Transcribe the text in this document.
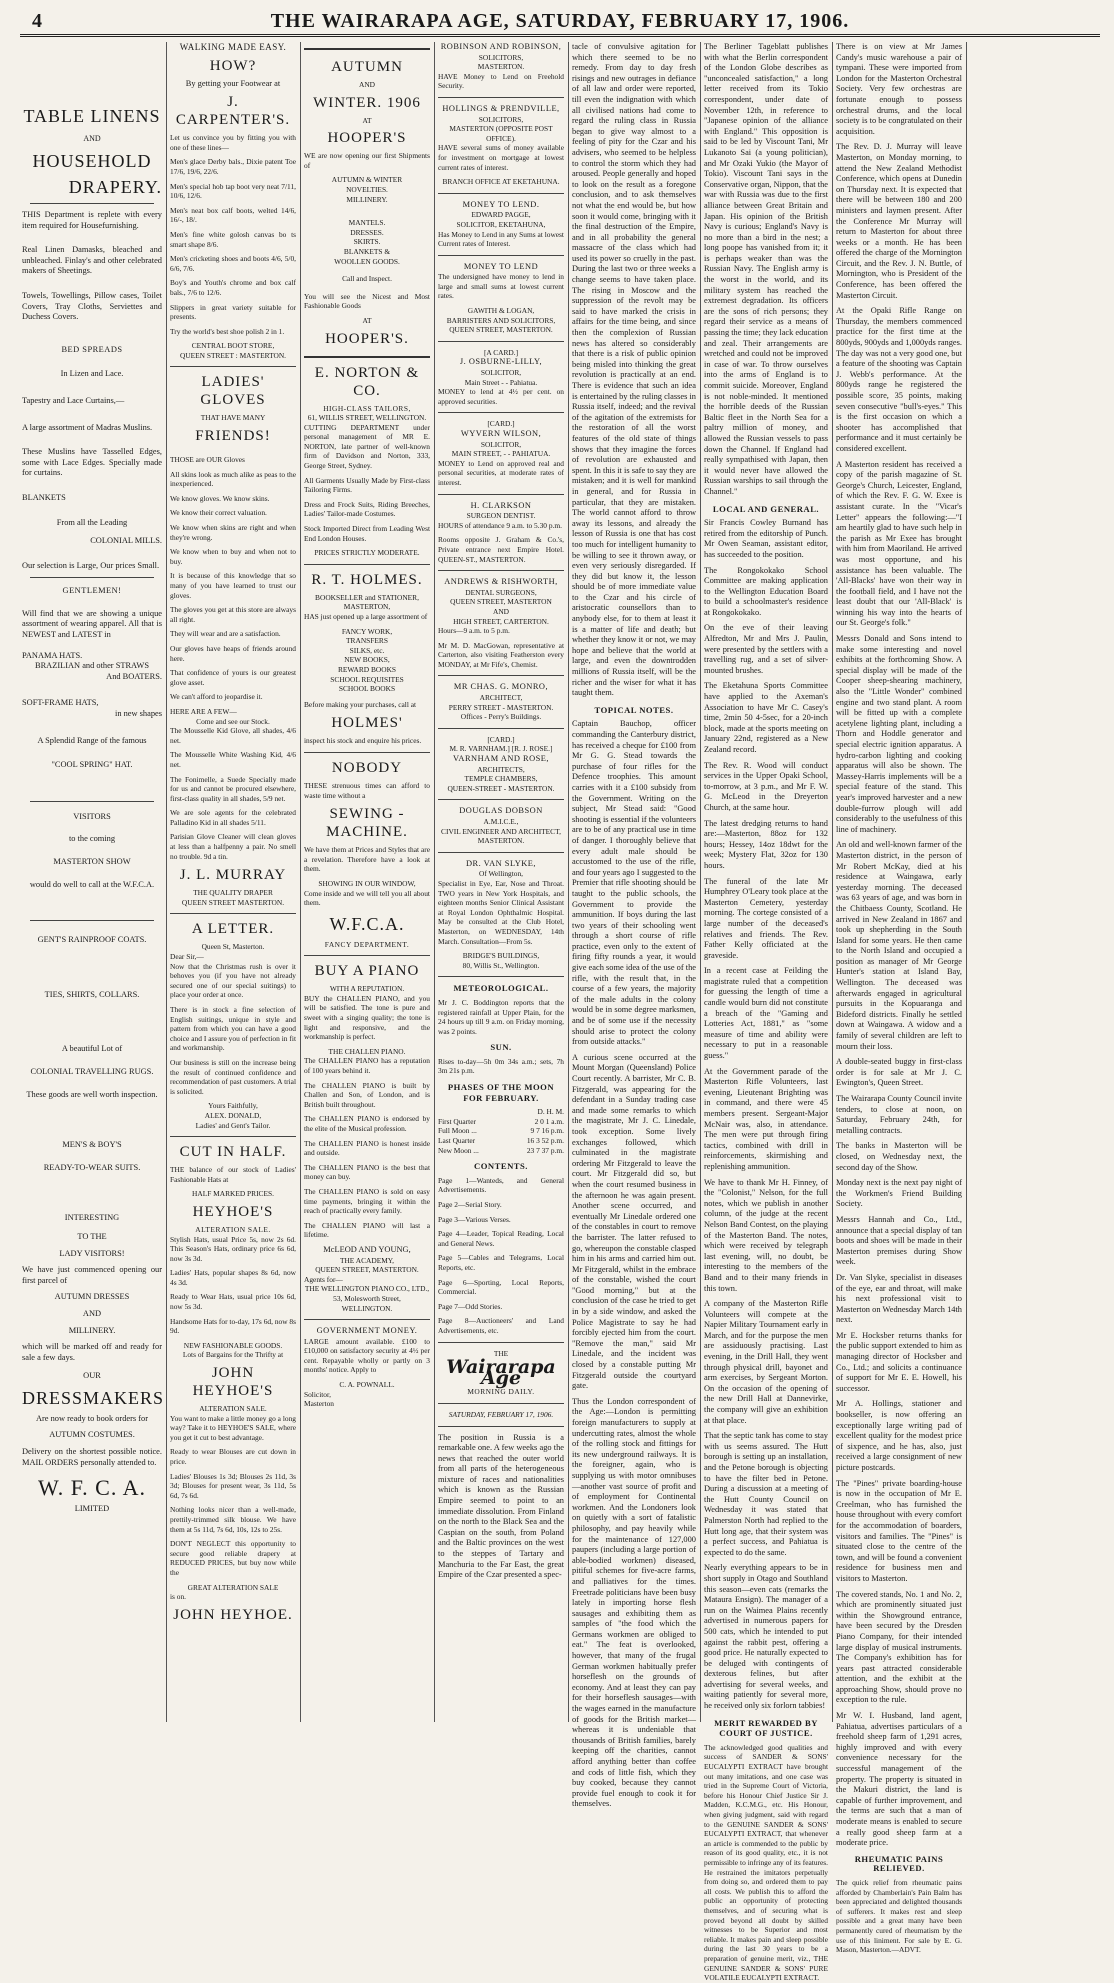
4	THE WAIRARAPA AGE, SATURDAY, FEBRUARY 17, 1906.
TABLE LINENS
AND
HOUSEHOLD
DRAPERY.

THIS Department is replete with every item required for Housefurnishing.

Real Linen Damasks, bleached and unbleached. Finlay's and other celebrated makers of Sheetings.

Towels, Towellings, Pillow cases, Toilet Covers, Tray Cloths, Serviettes and Duchess Covers.

BED SPREADS
In Lizen and Lace.

Tapestry and Lace Curtains,—

A large assortment of Madras Muslins.

These Muslins have Tasselled Edges, some with Lace Edges. Specially made for curtains.

BLANKETS
From all the Leading
COLONIAL MILLS.

Our selection is Large, Our prices Small.

GENTLEMEN!

Will find that we are showing a unique assortment of wearing apparel. All that is NEWEST and LATEST in

PANAMA HATS.
BRAZILIAN and other STRAWS
And BOATERS.
SOFT-FRAME HATS,
in new shapes
A Splendid Range of the famous
"COOL SPRING" HAT.
VISITORS
to the coming
MASTERTON SHOW
would do well to call at the W.F.C.A.
GENT'S RAINPROOF COATS.
TIES, SHIRTS, COLLARS.
A beautiful Lot of
COLONIAL TRAVELLING RUGS.
These goods are well worth inspection.
MEN'S & BOY'S
READY-TO-WEAR SUITS.
INTERESTING
TO THE
LADY VISITORS!

We have just commenced opening our first parcel of

AUTUMN DRESSES
AND
MILLINERY.

which will be marked off and ready for sale a few days.

OUR
DRESSMAKERS
Are now ready to book orders for
AUTUMN COSTUMES.

Delivery on the shortest possible notice. MAIL ORDERS personally attended to.

W. F. C. A.
LIMITED
WALKING MADE EASY.
HOW?
By getting your Footwear at
J. CARPENTER'S.

Let us convince you by fitting you with one of these lines—

Men's glace Derby bals., Dixie patent Toe 17/6, 19/6, 22/6.

Men's special hob tap boot very neat 7/11, 10/6, 12/6.

Men's neat box calf boots, welted 14/6, 16/-, 18/.

Men's fine white golosh canvas bo ts smart shape 8/6.

Men's cricketing shoes and boots 4/6, 5/0, 6/6, 7/6.

Boy's and Youth's chrome and box calf bals., 7/6 to 12/6.

Slippers in great variety suitable for presents.

Try the world's best shoe polish 2 in 1.

CENTRAL BOOT STORE,
QUEEN STREET : MASTERTON.
LADIES' GLOVES
THAT HAVE MANY
FRIENDS!

THOSE are OUR Gloves

All skins look as much alike as peas to the inexperienced.

We know gloves. We know skins.

We know their correct valuation.

We know when skins are right and when they're wrong.

We know when to buy and when not to buy.

It is because of this knowledge that so many of you have learned to trust our gloves.

The gloves you get at this store are always all right.

They will wear and are a satisfaction.

Our gloves have heaps of friends around here.

That confidence of yours is our greatest glove asset.

We can't afford to jeopardise it.

HERE ARE A FEW—
Come and see our Stock.

The Mousselle Kid Glove, all shades, 4/6 net.

The Mousselle White Washing Kid, 4/6 net.

The Fonimelle, a Suede Specially made for us and cannot be procured elsewhere, first-class quality in all shades, 5/9 net.

We are sole agents for the celebrated Palladino Kid in all shades 5/11.

Parisian Glove Cleaner will clean gloves at less than a halfpenny a pair. No smell no trouble. 9d a tin.

J. L. MURRAY
THE QUALITY DRAPER
QUEEN STREET MASTERTON.
A LETTER.
Queen St, Masterton.
Dear Sir,—

Now that the Christmas rush is over it behoves you (if you have not already secured one of our special suitings) to place your order at once.

There is in stock a fine selection of English suitings, unique in style and pattern from which you can have a good choice and I assure you of perfection in fit and workmanship.

Our business is still on the increase being the result of continued confidence and recommendation of past customers. A trial is solicited.

Yours Faithfully,
ALEX. DONALD,
Ladies' and Gent's Tailor.
CUT IN HALF.

THE balance of our stock of Ladies' Fashionable Hats at

HALF MARKED PRICES.
HEYHOE'S
ALTERATION SALE.

Stylish Hats, usual Price 5s, now 2s 6d. This Season's Hats, ordinary price 6s 6d, now 3s 3d.

Ladies' Hats, popular shapes 8s 6d, now 4s 3d.

Ready to Wear Hats, usual price 10s 6d, now 5s 3d.

Handsome Hats for to-day, 17s 6d, now 8s 9d.

NEW FASHIONABLE GOODS.
Lots of Bargains for the Thrifty at
JOHN HEYHOE'S
ALTERATION SALE.

You want to make a little money go a long way? Take it to HEYHOE'S SALE, where you get it cut to best advantage.

Ready to wear Blouses are cut down in price.

Ladies' Blouses 1s 3d; Blouses 2s 11d, 3s 3d; Blouses for present wear, 3s 11d, 5s 6d, 7s 6d.

Nothing looks nicer than a well-made, prettily-trimmed silk blouse. We have them at 5s 11d, 7s 6d, 10s, 12s to 25s.

DON'T NEGLECT this opportunity to secure good reliable drapery at REDUCED PRICES, but buy now while the

GREAT ALTERATION SALE
is on.
JOHN HEYHOE.
AUTUMN
AND
WINTER. 1906
AT
HOOPER'S

WE are now opening our first Shipments of

AUTUMN & WINTER
NOVELTIES.
MILLINERY.
MANTELS.
DRESSES.
SKIRTS.
BLANKETS &
WOOLLEN GOODS.
Call and Inspect.

You will see the Nicest and Most Fashionable Goods

AT
HOOPER'S.
E. NORTON & CO.
HIGH-CLASS TAILORS,
61, WILLIS STREET, WELLINGTON.

CUTTING DEPARTMENT under personal management of MR E. NORTON, late partner of well-known firm of Davidson and Norton, 333, George Street, Sydney.

All Garments Usually Made by First-class Tailoring Firms.

Dress and Frock Suits, Riding Breeches, Ladies' Tailor-made Costumes.

Stock Imported Direct from Leading West End London Houses.

PRICES STRICTLY MODERATE.
R. T. HOLMES.
BOOKSELLER and STATIONER,
MASTERTON,

HAS just opened up a large assortment of

FANCY WORK,
TRANSFERS
SILKS, etc.
NEW BOOKS,
REWARD BOOKS
SCHOOL REQUISITES
SCHOOL BOOKS

Before making your purchases, call at

HOLMES'

inspect his stock and enquire his prices.

NOBODY

THESE strenuous times can afford to waste time without a

SEWING - MACHINE.

We have them at Prices and Styles that are a revelation. Therefore have a look at them.

SHOWING IN OUR WINDOW,

Come inside and we will tell you all about them.

W.F.C.A.
FANCY DEPARTMENT.
BUY A PIANO
WITH A REPUTATION.

BUY the CHALLEN PIANO, and you will be satisfied. The tone is pure and sweet with a singing quality; the tone is light and responsive, and the workmanship is perfect.

THE CHALLEN PIANO.

The CHALLEN PIANO has a reputation of 100 years behind it.

The CHALLEN PIANO is built by Challen and Son, of London, and is British built throughout.

The CHALLEN PIANO is endorsed by the elite of the Musical profession.

The CHALLEN PIANO is honest inside and outside.

The CHALLEN PIANO is the best that money can buy.

The CHALLEN PIANO is sold on easy time payments, bringing it within the reach of practically every family.

The CHALLEN PIANO will last a lifetime.

McLEOD AND YOUNG,
THE ACADEMY,
QUEEN STREET, MASTERTON.
Agents for—
THE WELLINGTON PIANO CO., LTD.,
53, Molesworth Street,
WELLINGTON.
GOVERNMENT MONEY.

LARGE amount available. £100 to £10,000 on satisfactory security at 4½ per cent. Repayable wholly or partly on 3 months' notice. Apply to

C. A. POWNALL.
Solicitor,
Masterton
ROBINSON AND ROBINSON,
SOLICITORS,
MASTERTON.

HAVE Money to Lend on Freehold Security.

HOLLINGS & PRENDVILLE,
SOLICITORS,
MASTERTON (OPPOSITE POST OFFICE).

HAVE several sums of money available for investment on mortgage at lowest current rates of interest.

BRANCH OFFICE AT EKETAHUNA.
MONEY TO LEND.
EDWARD PAGGE,
SOLICITOR, EKETAHUNA,

Has Money to Lend in any Sums at lowest Current rates of Interest.

MONEY TO LEND

The undersigned have money to lend in large and small sums at lowest current rates.

GAWITH & LOGAN,
BARRISTERS AND SOLICITORS,
QUEEN STREET, MASTERTON.
[A CARD.]
J. OSBURNE-LILLY,
SOLICITOR,
Main Street - - Pahiatua.

MONEY to lend at 4½ per cent. on approved securities.

[CARD.]
WYVERN WILSON,
SOLICITOR,
MAIN STREET, - - PAHIATUA.

MONEY to Lend on approved real and personal securities, at moderate rates of interest.

H. CLARKSON
SURGEON DENTIST.

HOURS of attendance 9 a.m. to 5.30 p.m.

Rooms opposite J. Graham & Co.'s, Private entrance next Empire Hotel. QUEEN-ST., MASTERTON.

ANDREWS & RISHWORTH,
DENTAL SURGEONS,
QUEEN STREET, MASTERTON
AND
HIGH STREET, CARTERTON.

Hours—9 a.m. to 5 p.m.

Mr M. D. MacGowan, representative at Carterton, also visiting Featherston every MONDAY, at Mr Fife's, Chemist.

MR CHAS. G. MONRO,
ARCHITECT,
PERRY STREET - MASTERTON.
Offices - Perry's Buildings.
[CARD.]
M. R. VARNHAM.] [R. J. ROSE.]
VARNHAM AND ROSE,
ARCHITECTS,
TEMPLE CHAMBERS,
QUEEN-STREET - MASTERTON.
DOUGLAS DOBSON
A.M.I.C.E.,
CIVIL ENGINEER AND ARCHITECT,
MASTERTON.
DR. VAN SLYKE,
Of Wellington,

Specialist in Eye, Ear, Nose and Throat. TWO years in New York Hospitals, and eighteen months Senior Clinical Assistant at Royal London Ophthalmic Hospital. May be consulted at the Club Hotel, Masterton, on WEDNESDAY, 14th March. Consultation—From 5s.

BRIDGE'S BUILDINGS,
80, Willis St., Wellington.
METEOROLOGICAL.

Mr J. C. Boddington reports that the registered rainfall at Upper Plain, for the 24 hours up till 9 a.m. on Friday morning, was 2 points.

SUN.

Rises to-day—5h 0m 34s a.m.; sets, 7h 3m 21s p.m.

PHASES OF THE MOON FOR FEBRUARY.
D. H. M.
First Quarter	2 0 1 a.m.
Full Moon ...	9 7 16 p.m.
Last Quarter	16 3 52 p.m.
New Moon ...	23 7 37 p.m.
CONTENTS.

Page 1—Wanteds, and General Advertisements.

Page 2—Serial Story.

Page 3—Various Verses.

Page 4—Leader, Topical Reading, Local and General News.

Page 5—Cables and Telegrams, Local Reports, etc.

Page 6—Sporting, Local Reports, Commercial.

Page 7—Odd Stories.

Page 8—Auctioneers' and Land Advertisements, etc.

THE
Wairarapa Age
MORNING DAILY.
SATURDAY, FEBRUARY 17, 1906.

The position in Russia is a remarkable one. A few weeks ago the news that reached the outer world from all parts of the heterogeneous mixture of races and nationalities which is known as the Russian Empire seemed to point to an immediate dissolution. From Finland on the north to the Black Sea and the Caspian on the south, from Poland and the Baltic provinces on the west to the steppes of Tartary and Manchuria to the Far East, the great Empire of the Czar presented a spec-

tacle of convulsive agitation for which there seemed to be no remedy. From day to day fresh risings and new outrages in defiance of all law and order were reported, till even the indignation with which all civilised nations had come to regard the ruling class in Russia began to give way almost to a feeling of pity for the Czar and his advisers, who seemed to be helpless to control the storm which they had aroused. People generally and hoped to look on the result as a foregone conclusion, and to ask themselves not what the end would be, but how soon it would come, bringing with it the final destruction of the Empire, and in all probability the general massacre of the class which had used its power so cruelly in the past. During the last two or three weeks a change seems to have taken place. The rising in Moscow and the suppression of the revolt may be said to have marked the crisis in affairs for the time being, and since then the complexion of Russian news has altered so considerably that there is a risk of public opinion being misled into thinking the great revolution is practically at an end. There is evidence that such an idea is entertained by the ruling classes in Russia itself, indeed; and the revival of the agitation of the extremists for the restoration of all the worst features of the old state of things shows that they imagine the forces of revolution are exhausted and spent. In this it is safe to say they are mistaken; and it is well for mankind in general, and for Russia in particular, that they are mistaken. The world cannot afford to throw away its lessons, and already the lesson of Russia is one that has cost too much for intelligent humanity to be willing to see it thrown away, or even very seriously disregarded. If they did but know it, the lesson should be of more immediate value to the Czar and his circle of aristocratic counsellors than to anybody else, for to them at least it is a matter of life and death; but whether they know it or not, we may hope and believe that the world at large, and even the downtrodden millions of Russia itself, will be the richer and the wiser for what it has taught them.

TOPICAL NOTES.

Captain Bauchop, officer commanding the Canterbury district, has received a cheque for £100 from Mr G. G. Stead towards the purchase of four rifles for the Defence troophies. This amount carries with it a £100 subsidy from the Government. Writing on the subject, Mr Stead said: "Good shooting is essential if the volunteers are to be of any practical use in time of danger. I thoroughly believe that every adult male should be accustomed to the use of the rifle, and four years ago I suggested to the Premier that rifle shooting should be taught to the public schools, the Government to provide the ammunition. If boys during the last two years of their schooling went through a short course of rifle practice, even only to the extent of firing fifty rounds a year, it would give each some idea of the use of the rifle, with the result that, in the course of a few years, the majority of the male adults in the colony would be in some degree marksmen, and be of some use if the necessity should arise to protect the colony from outside attacks."

A curious scene occurred at the Mount Morgan (Queensland) Police Court recently. A barrister, Mr C. B. Fitzgerald, was appearing for the defendant in a Sunday trading case and made some remarks to which the magistrate, Mr J. C. Linedale, took exception. Some lively exchanges followed, which culminated in the magistrate ordering Mr Fitzgerald to leave the court. Mr Fitzgerald did so, but when the court resumed business in the afternoon he was again present. Another scene occurred, and eventually Mr Linedale ordered one of the constables in court to remove the barrister. The latter refused to go, whereupon the constable clasped him in his arms and carried him out. Mr Fitzgerald, whilst in the embrace of the constable, wished the court "Good morning," but at the conclusion of the case he tried to get in by a side window, and asked the Police Magistrate to say he had forcibly ejected him from the court. "Remove the man," said Mr Linedale, and the incident was closed by a constable putting Mr Fitzgerald outside the courtyard gate.

Thus the London correspondent of the Age:—London is permitting foreign manufacturers to supply at undercutting rates, almost the whole of the rolling stock and fittings for its new underground railways. It is the foreigner, again, who is supplying us with motor omnibuses—another vast source of profit and of employment for Continental workmen. And the Londoners look on quietly with a sort of fatalistic philosophy, and pay heavily while for the maintenance of 127,000 paupers (including a large portion of able-bodied workmen) diseased, pitiful schemes for five-acre farms, and palliatives for the times. Freetrade politicians have been busy lately in importing horse flesh sausages and exhibiting them as samples of "the food which the Germans workmen are obliged to eat." The feat is overlooked, however, that many of the frugal German workmen habitually prefer horseflesh on the grounds of economy. And at least they can pay for their horseflesh sausages—with the wages earned in the manufacture of goods for the British market—whereas it is undeniable that thousands of British families, barely keeping off the charities, cannot afford anything better than coffee and cods of little fish, which they buy cooked, because they cannot provide fuel enough to cook it for themselves.

The Berliner Tageblatt publishes with what the Berlin correspondent of the London Globe describes as "unconcealed satisfaction," a long letter received from its Tokio correspondent, under date of November 12th, in reference to "Japanese opinion of the alliance with England." This opposition is said to be led by Viscount Tani, Mr Lukanoto Sai (a young politician), and Mr Ozaki Yukio (the Mayor of Tokio). Viscount Tani says in the Conservative organ, Nippon, that the war with Russia was due to the first alliance between Great Britain and Japan. His opinion of the British Navy is curious; England's Navy is no more than a bird in the nest; a long poope has vanished from it; it is perhaps weaker than was the Russian Navy. The English army is the worst in the world, and its military system has reached the extremest degradation. Its officers are the sons of rich persons; they regard their service as a means of passing the time; they lack education and zeal. Their arrangements are wretched and could not be improved in case of war. To throw ourselves into the arms of England is to commit suicide. Moreover, England is not noble-minded. It mentioned the horrible deeds of the Russian Baltic fleet in the North Sea for a paltry million of money, and allowed the Russian vessels to pass down the Channel. If England had really sympathised with Japan, then it would never have allowed the Russian warships to sail through the Channel."

LOCAL AND GENERAL.

Sir Francis Cowley Burnand has retired from the editorship of Punch. Mr Owen Seaman, assistant editor, has succeeded to the position.

The Rongokokako School Committee are making application to the Wellington Education Board to build a schoolmaster's residence at Rongokokako.

On the eve of their leaving Alfredton, Mr and Mrs J. Paulin, were presented by the settlers with a travelling rug, and a set of silver-mounted brushes.

The Eketahuna Sports Committee have applied to the Axeman's Association to have Mr C. Casey's time, 2min 50 4-5sec, for a 20-inch block, made at the sports meeting on January 22nd, registered as a New Zealand record.

The Rev. R. Wood will conduct services in the Upper Opaki School, to-morrow, at 3 p.m., and Mr F. W. G. McLeod in the Dreyerton Church, at the same hour.

The latest dredging returns to hand are:—Masterton, 88oz for 132 hours; Hessey, 14oz 18dwt for the week; Mystery Flat, 32oz for 130 hours.

The funeral of the late Mr Humphrey O'Leary took place at the Masterton Cemetery, yesterday morning. The cortege consisted of a large number of the deceased's relatives and friends. The Rev. Father Kelly officiated at the graveside.

In a recent case at Feilding the magistrate ruled that a competition for guessing the length of time a candle would burn did not constitute a breach of the "Gaming and Lotteries Act, 1881," as "some measure of time and ability were necessary to put in a reasonable guess."

At the Government parade of the Masterton Rifle Volunteers, last evening, Lieutenant Brighting was in command, and there were 45 members present. Sergeant-Major McNair was, also, in attendance. The men were put through firing tactics, combined with drill in reinforcements, skirmishing and replenishing ammunition.

We have to thank Mr H. Finney, of the "Colonist," Nelson, for the full notes, which we publish in another column, of the judge at the recent Nelson Band Contest, on the playing of the Masterton Band. The notes, which were received by telegraph last evening, will, no doubt, be interesting to the members of the Band and to their many friends in this town.

A company of the Masterton Rifle Volunteers will compete at the Napier Military Tournament early in March, and for the purpose the men are assiduously practising. Last evening, in the Drill Hall, they went through physical drill, bayonet and arm exercises, by Sergeant Morton. On the occasion of the opening of the new Drill Hall at Dannevirke, the company will give an exhibition at that place.

That the septic tank has come to stay with us seems assured. The Hutt borough is setting up an installation, and the Petone borough is objecting to have the filter bed in Petone. During a discussion at a meeting of the Hutt County Council on Wednesday it was stated that Palmerston North had replied to the Hutt long age, that their system was a perfect success, and Pahiatua is expected to do the same.

Nearly everything appears to be in short supply in Otago and Southland this season—even cats (remarks the Mataura Ensign). The manager of a run on the Waimea Plains recently advertised in numerous papers for 500 cats, which he intended to put against the rabbit pest, offering a good price. He naturally expected to be deluged with contingents of dexterous felines, but after advertising for several weeks, and waiting patiently for several more, he received only six forlorn tabbies!

MERIT REWARDED BY COURT OF JUSTICE.

The acknowledged good qualities and success of SANDER & SONS' EUCALYPTI EXTRACT have brought out many imitations, and one case was tried in the Supreme Court of Victoria, before his Honour Chief Justice Sir J. Madden, K.C.M.G., etc. His Honour, when giving judgment, said with regard to the GENUINE SANDER & SONS' EUCALYPTI EXTRACT, that whenever an article is commended to the public by reason of its good quality, etc., it is not permissible to infringe any of its features. He restrained the imitators perpetually from doing so, and ordered them to pay all costs. We publish this to afford the public an opportunity of protecting themselves, and of securing what is proved beyond all doubt by skilled witnesses to be Superior and most reliable. It makes pain and sleep possible during the last 30 years to be a preparation of genuine merit, viz., THE GENUINE SANDER & SONS' PURE VOLATILE EUCALYPTI EXTRACT.

There is on view at Mr James Candy's music warehouse a pair of tympani. These were imported from London for the Masterton Orchestral Society. Very few orchestras are fortunate enough to possess orchestral drums, and the local society is to be congratulated on their acquisition.

The Rev. D. J. Murray will leave Masterton, on Monday morning, to attend the New Zealand Methodist Conference, which opens at Dunedin on Thursday next. It is expected that there will be between 180 and 200 ministers and laymen present. After the Conference Mr Murray will return to Masterton for about three weeks or a month. He has been offered the charge of the Mornington Circuit, and the Rev. J. N. Buttle, of Mornington, who is President of the Conference, has been offered the Masterton Circuit.

At the Opaki Rifle Range on Thursday, the members commenced practice for the first time at the 800yds, 900yds and 1,000yds ranges. The day was not a very good one, but a feature of the shooting was Captain J. Webb's performance. At the 800yds range he registered the possible score, 35 points, making seven consecutive "bull's-eyes." This is the first occasion on which a shooter has accomplished that performance and it must certainly be considered excellent.

A Masterton resident has received a copy of the parish magazine of St. George's Church, Leicester, England, of which the Rev. F. G. W. Exee is assistant curate. In the "Vicar's Letter" appears the following:—"I am heartily glad to have such help in the parish as Mr Exee has brought with him from Maoriland. He arrived was most opportune, and his assistance has been valuable. The 'All-Blacks' have won their way in the football field, and I have not the least doubt that our 'All-Black' is winning his way into the hearts of our St. George's folk."

Messrs Donald and Sons intend to make some interesting and novel exhibits at the forthcoming Show. A special display will be made of the Cooper sheep-shearing machinery, also the "Little Wonder" combined engine and two stand plant. A room will be fitted up with a complete acetylene lighting plant, including a Thorn and Hoddle generator and special electric ignition apparatus. A hydro-carbon lighting and cooking apparatus will also be shown. The Massey-Harris implements will be a special feature of the stand. This year's improved harvester and a new double-furrow plough will add considerably to the usefulness of this line of machinery.

An old and well-known farmer of the Masterton district, in the person of Mr Robert McKay, died at his residence at Waingawa, early yesterday morning. The deceased was 63 years of age, and was born in the Chitbaess County, Scotland. He arrived in New Zealand in 1867 and took up shepherding in the South Island for some years. He then came to the North Island and occupied a position as manager of Mr George Hunter's station at Island Bay, Wellington. The deceased was afterwards engaged in agricultural pursuits in the Kopuaranga and Bideford districts. Finally he settled down at Waingawa. A widow and a family of several children are left to mourn their loss.

A double-seated buggy in first-class order is for sale at Mr J. C. Ewington's, Queen Street.

The Wairarapa County Council invite tenders, to close at noon, on Saturday, February 24th, for metalling contracts.

The banks in Masterton will be closed, on Wednesday next, the second day of the Show.

Monday next is the next pay night of the Workmen's Friend Building Society.

Messrs Hannah and Co., Ltd., announce that a special display of tan boots and shoes will be made in their Masterton premises during Show week.

Dr. Van Slyke, specialist in diseases of the eye, ear and throat, will make his next professional visit to Masterton on Wednesday March 14th next.

Mr E. Hocksber returns thanks for the public support extended to him as managing director of Hocksber and Co., Ltd.; and solicits a continuance of support for Mr E. E. Howell, his successor.

Mr A. Hollings, stationer and bookseller, is now offering an exceptionally large writing pad of excellent quality for the modest price of sixpence, and he has, also, just received a large consignment of new picture postcards.

The "Pines" private boarding-house is now in the occupation of Mr E. Creelman, who has furnished the house throughout with every comfort for the accommodation of boarders, visitors and families. The "Pines" is situated close to the centre of the town, and will be found a convenient residence for business men and visitors to Masterton.

The covered stands, No. 1 and No. 2, which are prominently situated just within the Showground entrance, have been secured by the Dresden Piano Company, for their intended large display of musical instruments. The Company's exhibition has for years past attracted considerable attention, and the exhibit at the approaching Show, should prove no exception to the rule.

Mr W. I. Husband, land agent, Pahiatua, advertises particulars of a freehold sheep farm of 1,291 acres, highly improved and with every convenience necessary for the successful management of the property. The property is situated in the Makuri district, the land is capable of further improvement, and the terms are such that a man of moderate means is enabled to secure a really good sheep farm at a moderate price.

RHEUMATIC PAINS RELIEVED.

The quick relief from rheumatic pains afforded by Chamberlain's Pain Balm has been appreciated and delighted thousands of sufferers. It makes rest and sleep possible and a great many have been permanently cured of rheumatism by the use of this liniment. For sale by E. G. Mason, Masterton.—ADVT.
